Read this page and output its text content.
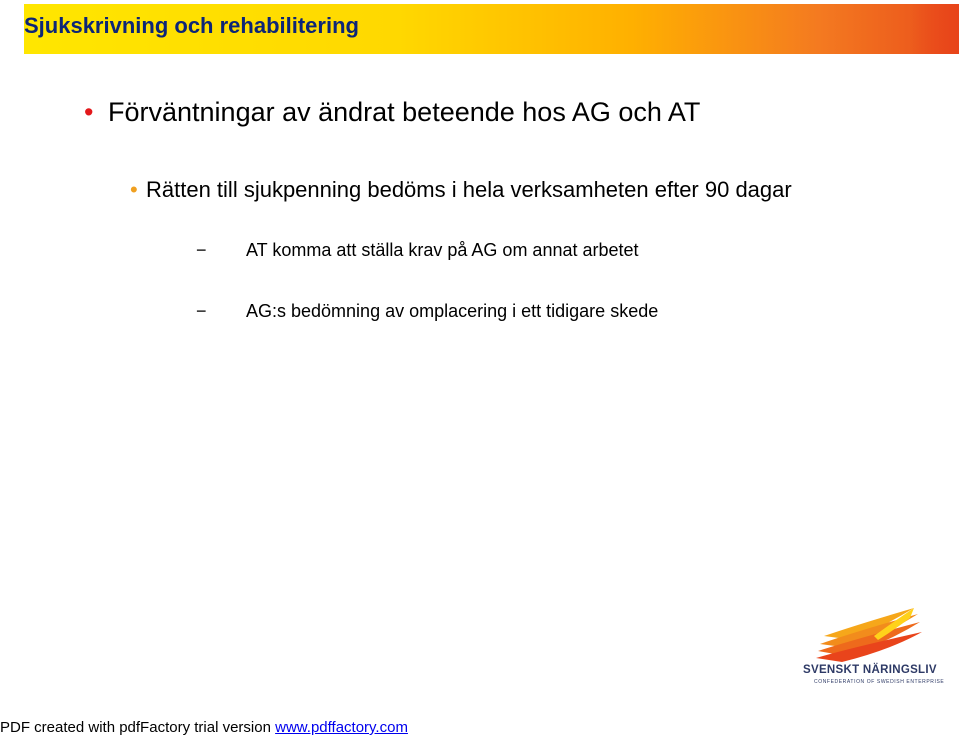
Sjukskrivning och rehabilitering
• Förväntningar av ändrat beteende hos AG och AT
• Rätten till sjukpenning bedöms i hela verksamheten efter 90 dagar
− AT komma att ställa krav på AG om annat arbetet
− AG:s bedömning av omplacering i ett tidigare skede
SVENSKT NÄRINGSLIV
CONFEDERATION OF SWEDISH ENTERPRISE
PDF created with pdfFactory trial version www.pdffactory.com
